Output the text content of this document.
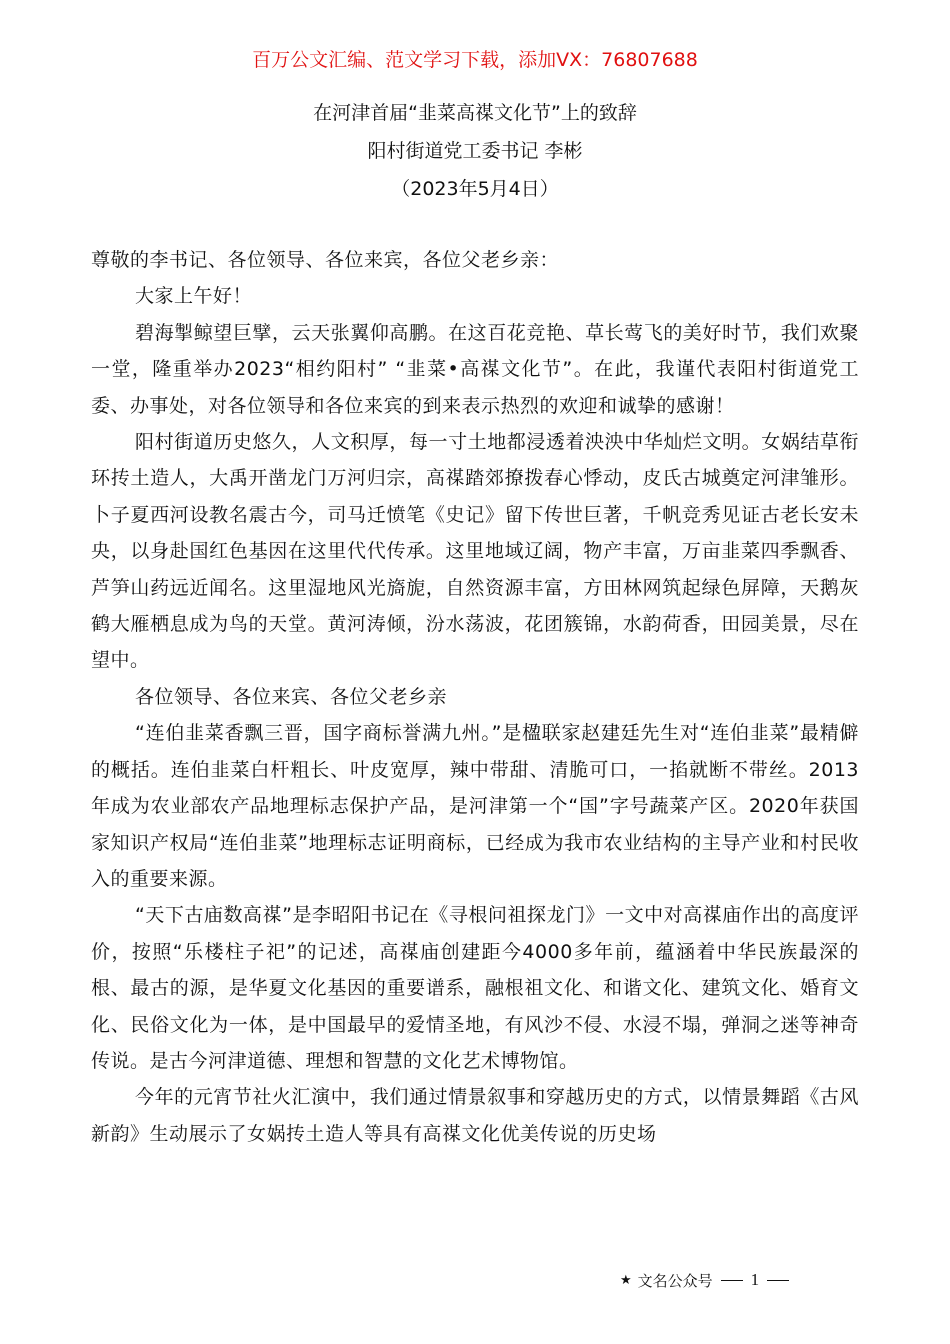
百万公文汇编、范文学习下载，添加VX：76807688
在河津首届“韭菜高禖文化节”上的致辞
阳村街道党工委书记 李彬
（2023年5月4日）

尊敬的李书记、各位领导、各位来宾，各位父老乡亲：

大家上午好！

碧海掣鲸望巨擘，云天张翼仰高鹏。在这百花竞艳、草长莺飞的美好时节，我们欢聚一堂，隆重举办2023“相约阳村” “韭菜•高禖文化节”。在此，我谨代表阳村街道党工委、办事处，对各位领导和各位来宾的到来表示热烈的欢迎和诚挚的感谢！

阳村街道历史悠久，人文积厚，每一寸土地都浸透着泱泱中华灿烂文明。女娲结草衔环抟土造人，大禹开凿龙门万河归宗，高禖踏郊撩拨春心悸动，皮氏古城奠定河津雏形。卜子夏西河设教名震古今，司马迁愤笔《史记》留下传世巨著，千帆竞秀见证古老长安未央，以身赴国红色基因在这里代代传承。这里地域辽阔，物产丰富，万亩韭菜四季飘香、芦笋山药远近闻名。这里湿地风光旖旎，自然资源丰富，方田林网筑起绿色屏障，天鹅灰鹤大雁栖息成为鸟的天堂。黄河涛倾，汾水荡波，花团簇锦，水韵荷香，田园美景，尽在望中。

各位领导、各位来宾、各位父老乡亲

“连伯韭菜香飘三晋，国字商标誉满九州。”是楹联家赵建廷先生对“连伯韭菜”最精僻的概括。连伯韭菜白杆粗长、叶皮宽厚，辣中带甜、清脆可口，一掐就断不带丝。2013年成为农业部农产品地理标志保护产品，是河津第一个“国”字号蔬菜产区。2020年获国家知识产权局“连伯韭菜”地理标志证明商标，已经成为我市农业结构的主导产业和村民收入的重要来源。

“天下古庙数高禖”是李昭阳书记在《寻根问祖探龙门》一文中对高禖庙作出的高度评价，按照“乐楼柱子祀”的记述，高禖庙创建距今4000多年前，蕴涵着中华民族最深的根、最古的源，是华夏文化基因的重要谱系，融根祖文化、和谐文化、建筑文化、婚育文化、民俗文化为一体，是中国最早的爱情圣地，有风沙不侵、水浸不塌，弹洞之迷等神奇传说。是古今河津道德、理想和智慧的文化艺术博物馆。

今年的元宵节社火汇演中，我们通过情景叙事和穿越历史的方式，以情景舞蹈《古风新韵》生动展示了女娲抟土造人等具有高禖文化优美传说的历史场

★ 文名公众号 1
